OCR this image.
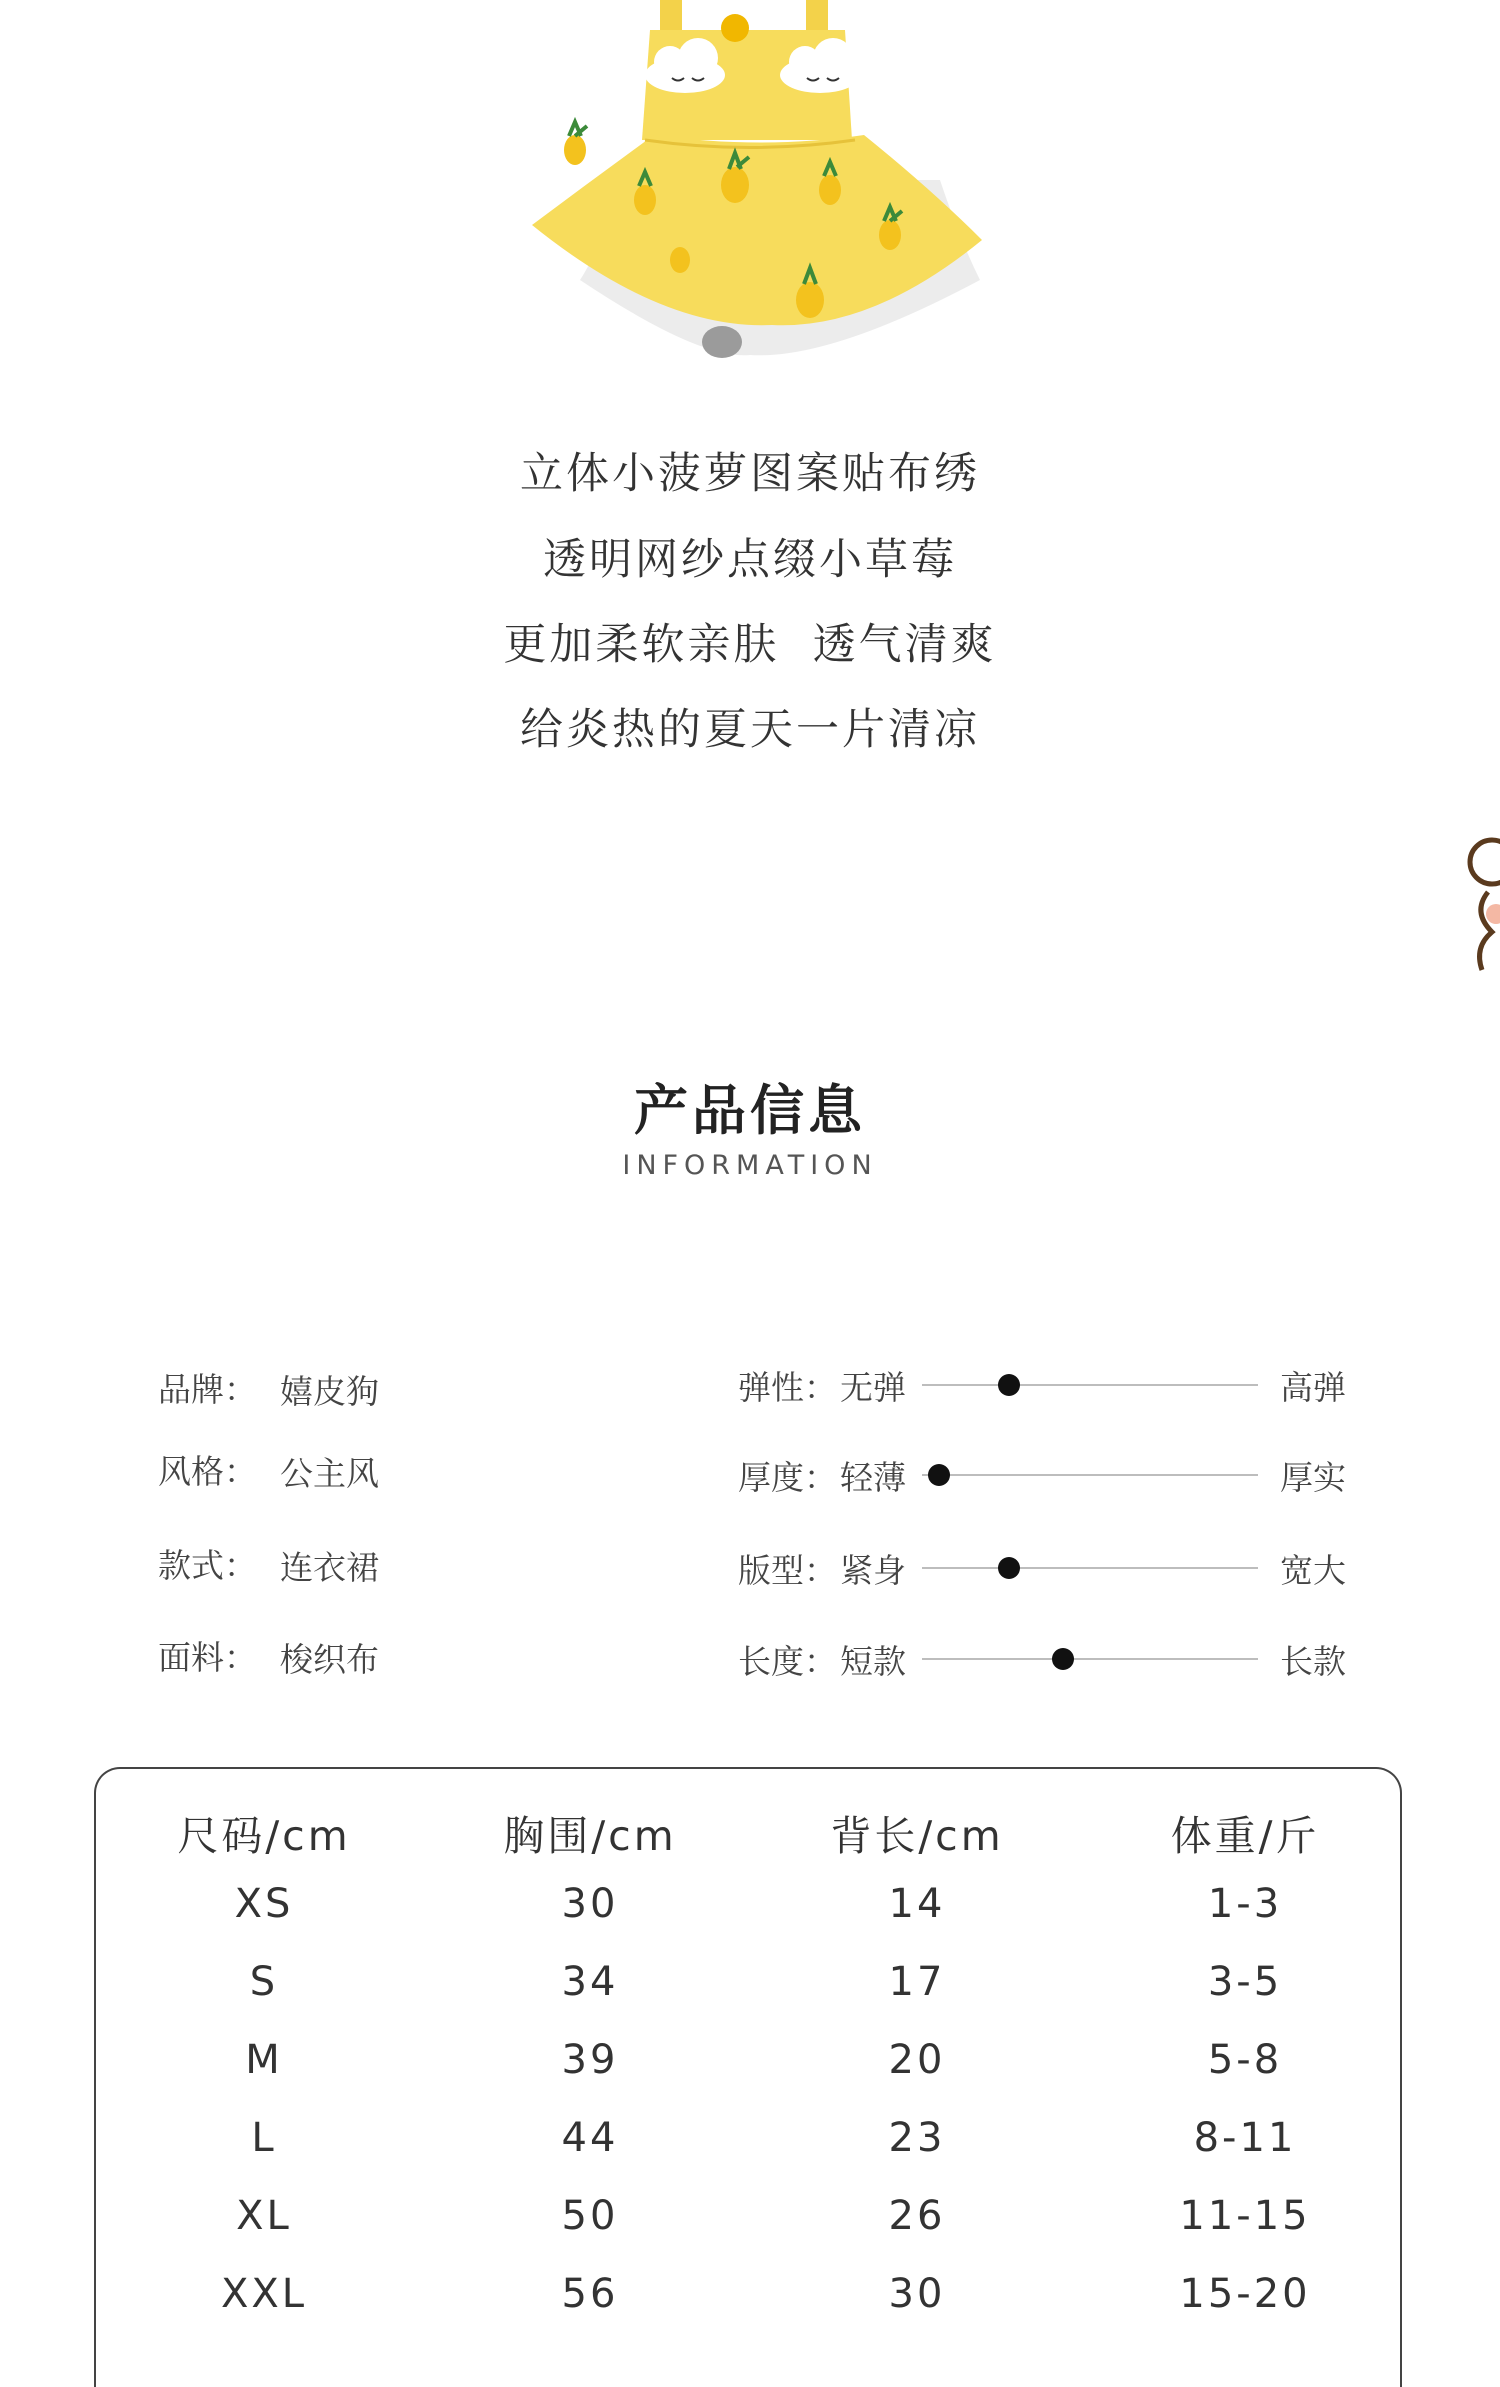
立体小菠萝图案贴布绣
透明网纱点缀小草莓
更加柔软亲肤  透气清爽
给炎热的夏天一片清凉
产品信息
INFORMATION
品牌： 嬉皮狗
风格： 公主风
款式： 连衣裙
面料： 梭织布
弹性： 无弹	高弹
厚度： 轻薄	厚实
版型： 紧身	宽大
长度： 短款	长款
尺码/cm	胸围/cm	背长/cm	体重/斤
XS	30	14	1-3
S	34	17	3-5
M	39	20	5-8
L	44	23	8-11
XL	50	26	11-15
XXL	56	30	15-20
